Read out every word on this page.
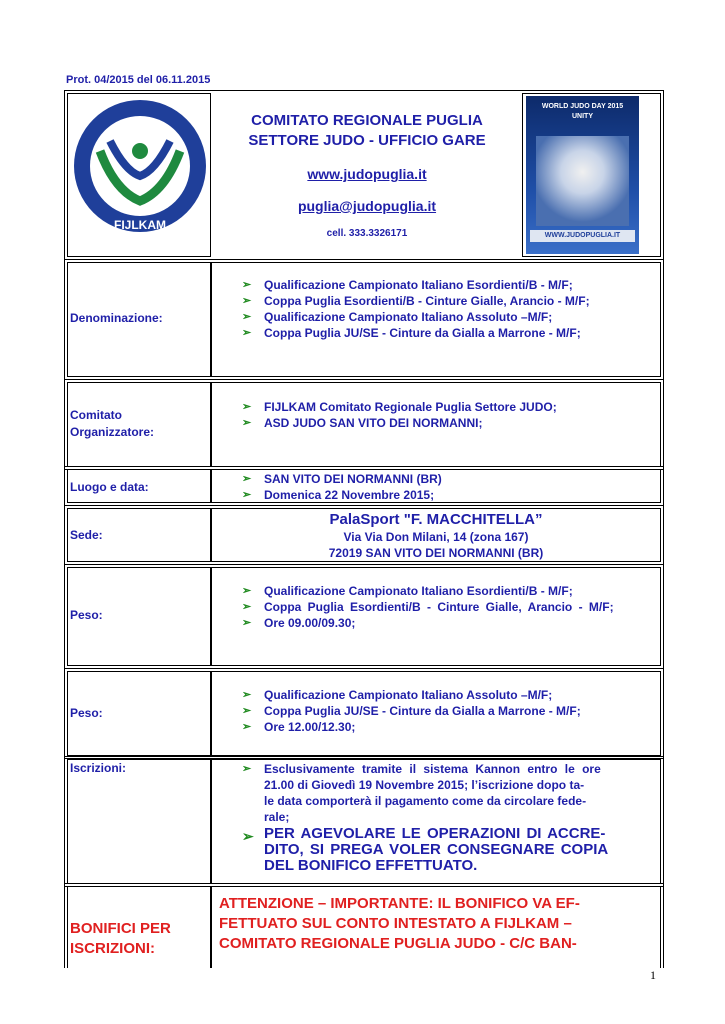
Prot. 04/2015 del 06.11.2015
FIJLKAM
COMITATO REGIONALE PUGLIA
SETTORE JUDO - UFFICIO GARE
www.judopuglia.it
puglia@judopuglia.it
cell. 333.3326171
WORLD JUDO DAY 2015
UNITY
WWW.JUDOPUGLIA.IT
Denominazione:
➢ Qualificazione Campionato Italiano Esordienti/B - M/F;
➢ Coppa Puglia Esordienti/B - Cinture Gialle, Arancio - M/F;
➢ Qualificazione Campionato Italiano Assoluto –M/F;
➢ Coppa Puglia JU/SE - Cinture da Gialla a Marrone - M/F;
Comitato
Organizzatore:
➢ FIJLKAM Comitato Regionale Puglia Settore JUDO;
➢ ASD JUDO SAN VITO DEI NORMANNI;
Luogo e data:
➢ SAN VITO DEI NORMANNI (BR)
➢ Domenica 22 Novembre 2015;
Sede:
PalaSport "F. MACCHITELLA”
Via Via Don Milani, 14 (zona 167)
72019 SAN VITO DEI NORMANNI (BR)
Peso:
➢ Qualificazione Campionato Italiano Esordienti/B - M/F;
➢ Coppa Puglia Esordienti/B - Cinture Gialle, Arancio - M/F;
➢ Ore 09.00/09.30;
Peso:
➢ Qualificazione Campionato Italiano Assoluto –M/F;
➢ Coppa Puglia JU/SE - Cinture da Gialla a Marrone - M/F;
➢ Ore 12.00/12.30;
Iscrizioni:	➢ Esclusivamente tramite il sistema Kannon entro le ore
21.00 di Giovedì 19 Novembre 2015; l’iscrizione dopo ta-
le data comporterà il pagamento come da circolare fede-
rale;
➢ PER AGEVOLARE LE OPERAZIONI DI ACCRE-
DITO, SI PREGA VOLER CONSEGNARE COPIA
DEL BONIFICO EFFETTUATO.
BONIFICI PER
ISCRIZIONI:
ATTENZIONE – IMPORTANTE: IL BONIFICO VA EF-
FETTUATO SUL CONTO INTESTATO A FIJLKAM –
COMITATO REGIONALE PUGLIA JUDO - C/C BAN-
1
